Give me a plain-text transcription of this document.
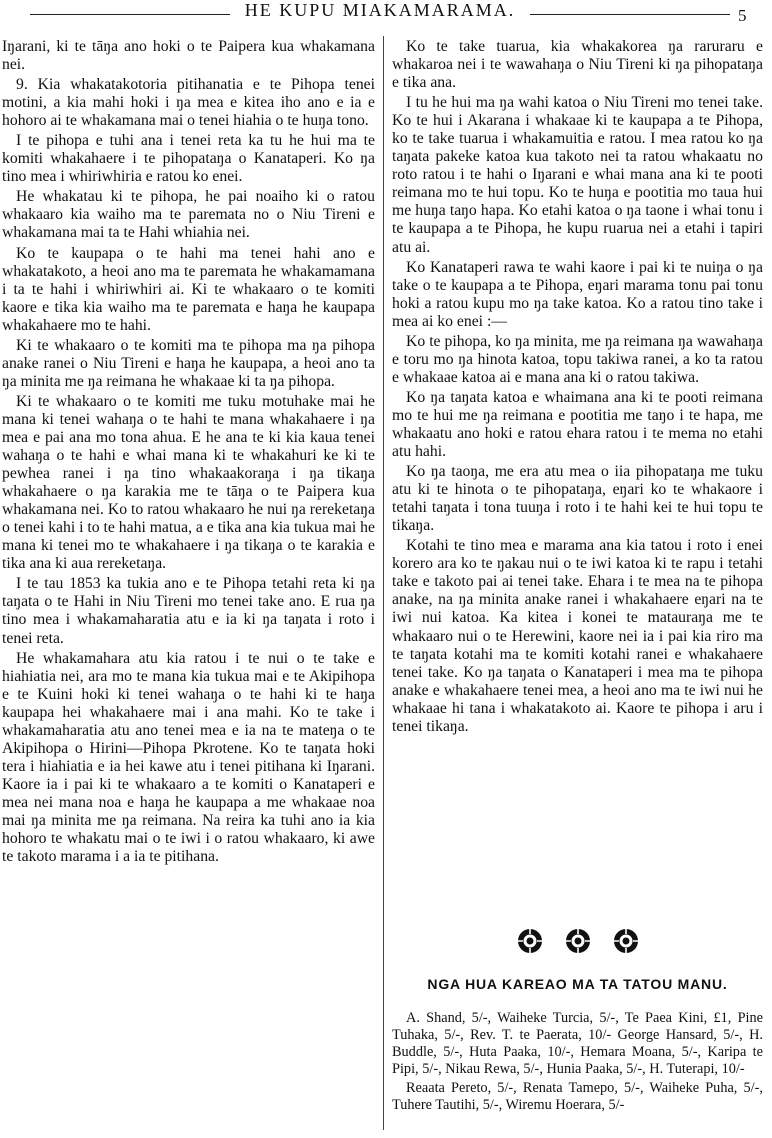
HE KUPU MIAKAMARAMA.	5

Iŋarani, ki te tāŋa ano hoki o te Paipera kua whakamana nei.

9. Kia whakatakotoria pitihanatia e te Pihopa tenei motini, a kia mahi hoki i ŋa mea e kitea iho ano e ia e hohoro ai te whakamana mai o tenei hiahia o te huŋa tono.

I te pihopa e tuhi ana i tenei reta ka tu he hui ma te komiti whakahaere i te pihopataŋa o Kanataperi. Ko ŋa tino mea i whiriwhiria e ratou ko enei.

He whakatau ki te pihopa, he pai noaiho ki o ratou whakaaro kia waiho ma te paremata no o Niu Tireni e whakamana mai ta te Hahi whiahia nei.

Ko te kaupapa o te hahi ma tenei hahi ano e whakatakoto, a heoi ano ma te paremata he whakamamana i ta te hahi i whiriwhiri ai. Ki te whakaaro o te komiti kaore e tika kia waiho ma te paremata e haŋa he kaupapa whakahaere mo te hahi.

Ki te whakaaro o te komiti ma te pihopa ma ŋa pihopa anake ranei o Niu Tireni e haŋa he kaupapa, a heoi ano ta ŋa minita me ŋa reimana he whakaae ki ta ŋa pihopa.

Ki te whakaaro o te komiti me tuku motuhake mai he mana ki tenei wahaŋa o te hahi te mana whakahaere i ŋa mea e pai ana mo tona ahua. E he ana te ki kia kaua tenei wahaŋa o te hahi e whai mana ki te whakahuri ke ki te pewhea ranei i ŋa tino whakaakoraŋa i ŋa tikaŋa whakahaere o ŋa karakia me te tāŋa o te Paipera kua whakamana nei. Ko to ratou whakaaro he nui ŋa rereketaŋa o tenei kahi i to te hahi matua, a e tika ana kia tukua mai he mana ki tenei mo te whakahaere i ŋa tikaŋa o te karakia e tika ana ki aua rereketaŋa.

I te tau 1853 ka tukia ano e te Pihopa tetahi reta ki ŋa taŋata o te Hahi in Niu Tireni mo tenei take ano. E rua ŋa tino mea i whakamaharatia atu e ia ki ŋa taŋata i roto i tenei reta.

He whakamahara atu kia ratou i te nui o te take e hiahiatia nei, ara mo te mana kia tukua mai e te Akipihopa e te Kuini hoki ki tenei wahaŋa o te hahi ki te haŋa kaupapa hei whakahaere mai i ana mahi. Ko te take i whakamaharatia atu ano tenei mea e ia na te mateŋa o te Akipihopa o Hirini—Pihopa Pkrotene. Ko te taŋata hoki tera i hiahiatia e ia hei kawe atu i tenei pitihana ki Iŋarani. Kaore ia i pai ki te whakaaro a te komiti o Kanataperi e mea nei mana noa e haŋa he kaupapa a me whakaae noa mai ŋa minita me ŋa reimana. Na reira ka tuhi ano ia kia hohoro te whakatu mai o te iwi i o ratou whakaaro, ki awe te takoto marama i a ia te pitihana.

Ko te take tuarua, kia whakakorea ŋa raruraru e whakaroa nei i te wawahaŋa o Niu Tireni ki ŋa pihopataŋa e tika ana.

I tu he hui ma ŋa wahi katoa o Niu Tireni mo tenei take. Ko te hui i Akarana i whakaae ki te kaupapa a te Pihopa, ko te take tuarua i whakamuitia e ratou. I mea ratou ko ŋa taŋata pakeke katoa kua takoto nei ta ratou whakaatu no roto ratou i te hahi o Iŋarani e whai mana ana ki te pooti reimana mo te hui topu. Ko te huŋa e pootitia mo taua hui me huŋa taŋo hapa. Ko etahi katoa o ŋa taone i whai tonu i te kaupapa a te Pihopa, he kupu ruarua nei a etahi i tapiri atu ai.

Ko Kanataperi rawa te wahi kaore i pai ki te nuiŋa o ŋa take o te kaupapa a te Pihopa, eŋari marama tonu pai tonu hoki a ratou kupu mo ŋa take katoa. Ko a ratou tino take i mea ai ko enei :—

Ko te pihopa, ko ŋa minita, me ŋa reimana ŋa wawahaŋa e toru mo ŋa hinota katoa, topu takiwa ranei, a ko ta ratou e whakaae katoa ai e mana ana ki o ratou takiwa.

Ko ŋa taŋata katoa e whaimana ana ki te pooti reimana mo te hui me ŋa reimana e pootitia me taŋo i te hapa, me whakaatu ano hoki e ratou ehara ratou i te mema no etahi atu hahi.

Ko ŋa taoŋa, me era atu mea o iia pihopataŋa me tuku atu ki te hinota o te pihopataŋa, eŋari ko te whakaore i tetahi taŋata i tona tuuŋa i roto i te hahi kei te hui topu te tikaŋa.

Kotahi te tino mea e marama ana kia tatou i roto i enei korero ara ko te ŋakau nui o te iwi katoa ki te rapu i tetahi take e takoto pai ai tenei take. Ehara i te mea na te pihopa anake, na ŋa minita anake ranei i whakahaere eŋari na te iwi nui katoa. Ka kitea i konei te matauraŋa me te whakaaro nui o te Herewini, kaore nei ia i pai kia riro ma te taŋata kotahi ma te komiti kotahi ranei e whakahaere tenei take. Ko ŋa taŋata o Kanataperi i mea ma te pihopa anake e whakahaere tenei mea, a heoi ano ma te iwi nui he whakaae hi tana i whakatakoto ai. Kaore te pihopa i aru i tenei tikaŋa.

NGA HUA KAREAO MA TA TATOU MANU.

A. Shand, 5/-, Waiheke Turcia, 5/-, Te Paea Kini, £1, Pine Tuhaka, 5/-, Rev. T. te Paerata, 10/- George Hansard, 5/-, H. Buddle, 5/-, Huta Paaka, 10/-, Hemara Moana, 5/-, Karipa te Pipi, 5/-, Nikau Rewa, 5/-, Hunia Paaka, 5/-, H. Tuterapi, 10/-

Reaata Pereto, 5/-, Renata Tamepo, 5/-, Waiheke Puha, 5/-, Tuhere Tautihi, 5/-, Wiremu Hoerara, 5/-
